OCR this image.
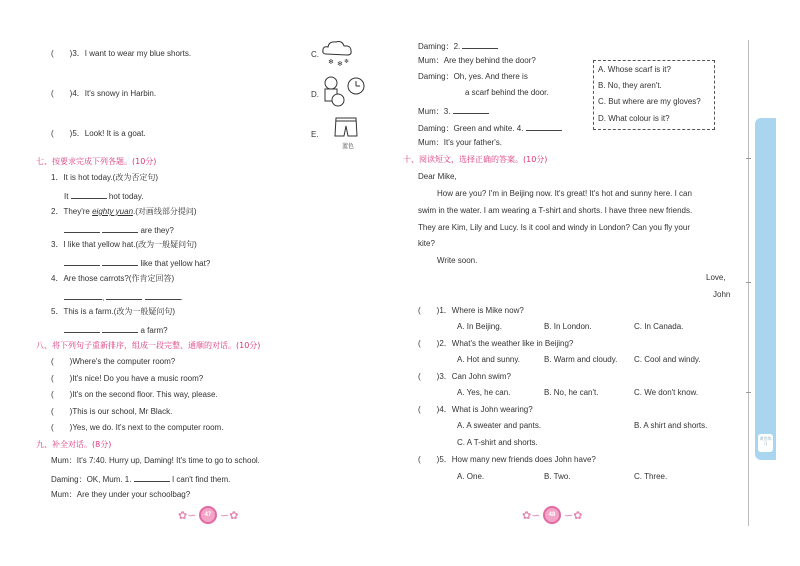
(　　)3．I want to wear my blue shorts.
(　　)4．It's snowy in Harbin.
(　　)5．Look! It is a goat.
C.
❄ ❄ ❄
D.
E.
蓝色
七、按要求完成下列各题。(10分)
1．It is hot today.(改为否定句)
It	hot today.
2．They're eighty yuan.(对画线部分提问)
are they?
3．I like that yellow hat.(改为一般疑问句)
like that yellow hat?
4．Are those carrots?(作肯定回答)
,	.
5．This is a farm.(改为一般疑问句)
a farm?
八、将下列句子重新排序，组成一段完整、通顺的对话。(10分)
(　　)Where's the computer room?
(　　)It's nice! Do you have a music room?
(　　)It's on the second floor. This way, please.
(　　)This is our school, Mr Black.
(　　)Yes, we do. It's next to the computer room.
九、补全对话。(8分)
Mum：It's 7:40. Hurry up, Daming! It's time to go to school.
Daming：OK, Mum. 1.	I can't find them.
Mum：Are they under your schoolbag?
✿∽	47 ∽✿
Daming：2.
Mum：Are they behind the door?
Daming：Oh, yes. And there is
a scarf behind the door.
Mum：3.
Daming：Green and white. 4.
Mum：It's your father's.
A. Whose scarf is it?
B. No, they aren't.
C. But where are my gloves?
D. What colour is it?
十、阅读短文，选择正确的答案。(10分)
Dear Mike,
How are you? I'm in Beijing now. It's great! It's hot and sunny here. I can
swim in the water. I am wearing a T-shirt and shorts. I have three new friends.
They are Kim, Lily and Lucy. Is it cool and windy in London? Can you fly your
kite?
Write soon.
Love,
John
(　　)1．Where is Mike now?
A. In Beijing.	B. In London.	C. In Canada.
(　　)2．What's the weather like in Beijing?
A. Hot and sunny.	B. Warm and cloudy. C. Cool and windy.
(　　)3．Can John swim?
A. Yes, he can.	B. No, he can't.	C. We don't know.
(　　)4．What is John wearing?
A. A sweater and pants.	B. A shirt and shorts.
C. A T-shirt and shorts.
(　　)5．How many new friends does John have?
A. One.	B. Two.	C. Three.
✿∽	48 ∽✿
课堂练习
